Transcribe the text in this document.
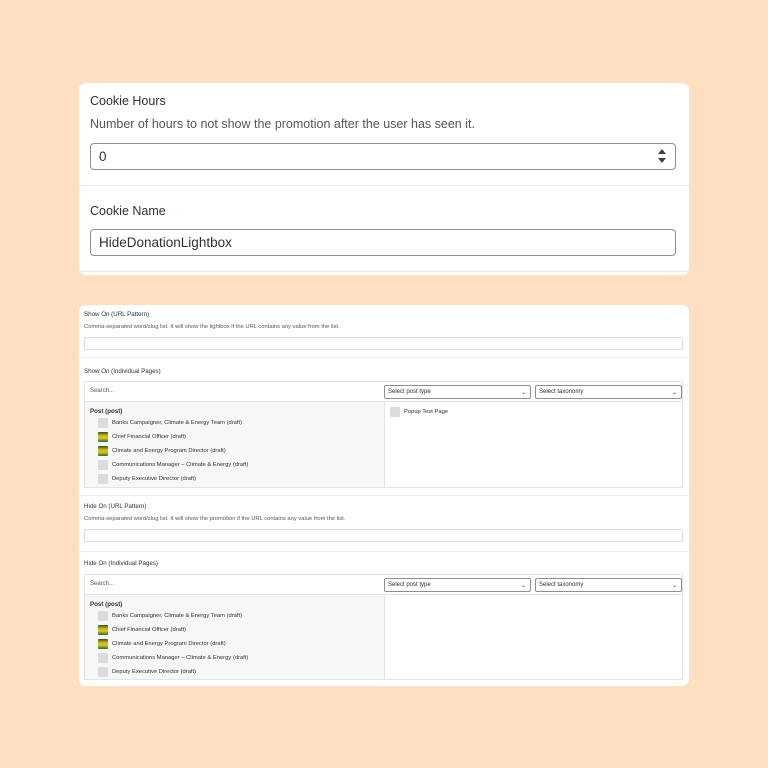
Cookie Hours
Number of hours to not show the promotion after the user has seen it.
0
Cookie Name
HideDonationLightbox
Show On (URL Pattern)
Comma-separated word/slug list. It will show the lightbox if the URL contains any value from the list.
Show On (Individual Pages)
Search...	Select post type	⌄	Select taxonomy	⌄
Post (post)
Banks Campaigner, Climate & Energy Team (draft)
Chief Financial Officer (draft)
Climate and Energy Program Director (draft)
Communications Manager – Climate & Energy (draft)
Deputy Executive Director (draft)
Popup Test Page
Hide On (URL Pattern)
Comma-separated word/slug list. It will show the promotion if the URL contains any value from the list.
Hide On (Individual Pages)
Search...	Select post type	⌄	Select taxonomy	⌄
Post (post)
Banks Campaigner, Climate & Energy Team (draft)
Chief Financial Officer (draft)
Climate and Energy Program Director (draft)
Communications Manager – Climate & Energy (draft)
Deputy Executive Director (draft)
